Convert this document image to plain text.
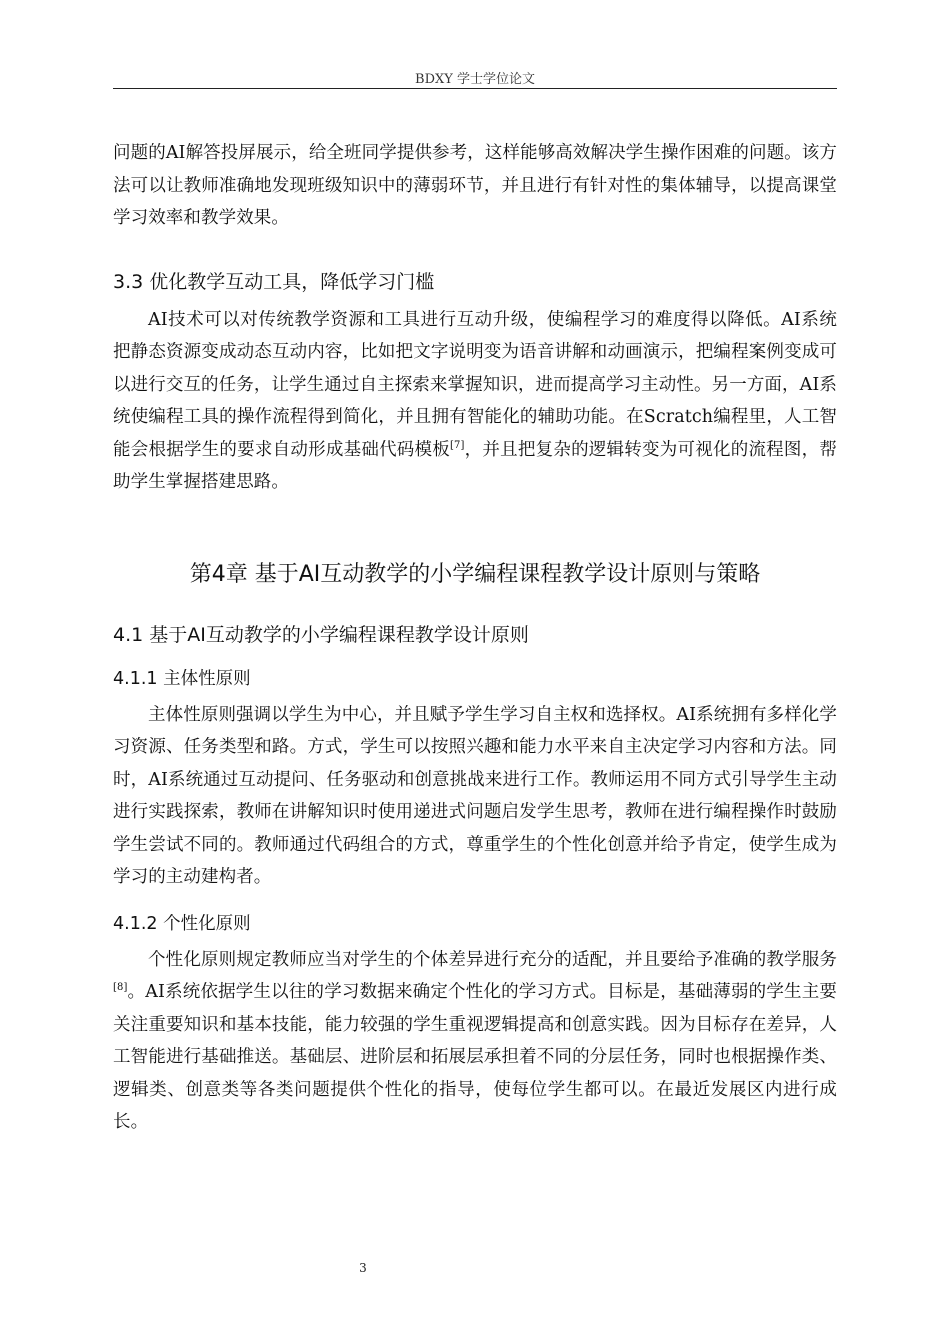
BDXY 学士学位论文

问题的AI解答投屏展示，给全班同学提供参考，这样能够高效解决学生操作困难的问题。该方法可以让教师准确地发现班级知识中的薄弱环节，并且进行有针对性的集体辅导，以提高课堂学习效率和教学效果。

3.3 优化教学互动工具，降低学习门槛

AI技术可以对传统教学资源和工具进行互动升级，使编程学习的难度得以降低。AI系统把静态资源变成动态互动内容，比如把文字说明变为语音讲解和动画演示，把编程案例变成可以进行交互的任务，让学生通过自主探索来掌握知识，进而提高学习主动性。另一方面，AI系统使编程工具的操作流程得到简化，并且拥有智能化的辅助功能。在Scratch编程里，人工智能会根据学生的要求自动形成基础代码模板[7]，并且把复杂的逻辑转变为可视化的流程图，帮助学生掌握搭建思路。

第4章 基于AI互动教学的小学编程课程教学设计原则与策略
4.1 基于AI互动教学的小学编程课程教学设计原则
4.1.1 主体性原则

主体性原则强调以学生为中心，并且赋予学生学习自主权和选择权。AI系统拥有多样化学习资源、任务类型和路。方式，学生可以按照兴趣和能力水平来自主决定学习内容和方法。同时，AI系统通过互动提问、任务驱动和创意挑战来进行工作。教师运用不同方式引导学生主动进行实践探索，教师在讲解知识时使用递进式问题启发学生思考，教师在进行编程操作时鼓励学生尝试不同的。教师通过代码组合的方式，尊重学生的个性化创意并给予肯定，使学生成为学习的主动建构者。

4.1.2 个性化原则

个性化原则规定教师应当对学生的个体差异进行充分的适配，并且要给予准确的教学服务[8]。AI系统依据学生以往的学习数据来确定个性化的学习方式。目标是，基础薄弱的学生主要关注重要知识和基本技能，能力较强的学生重视逻辑提高和创意实践。因为目标存在差异，人工智能进行基础推送。基础层、进阶层和拓展层承担着不同的分层任务，同时也根据操作类、逻辑类、创意类等各类问题提供个性化的指导，使每位学生都可以。在最近发展区内进行成长。

3
